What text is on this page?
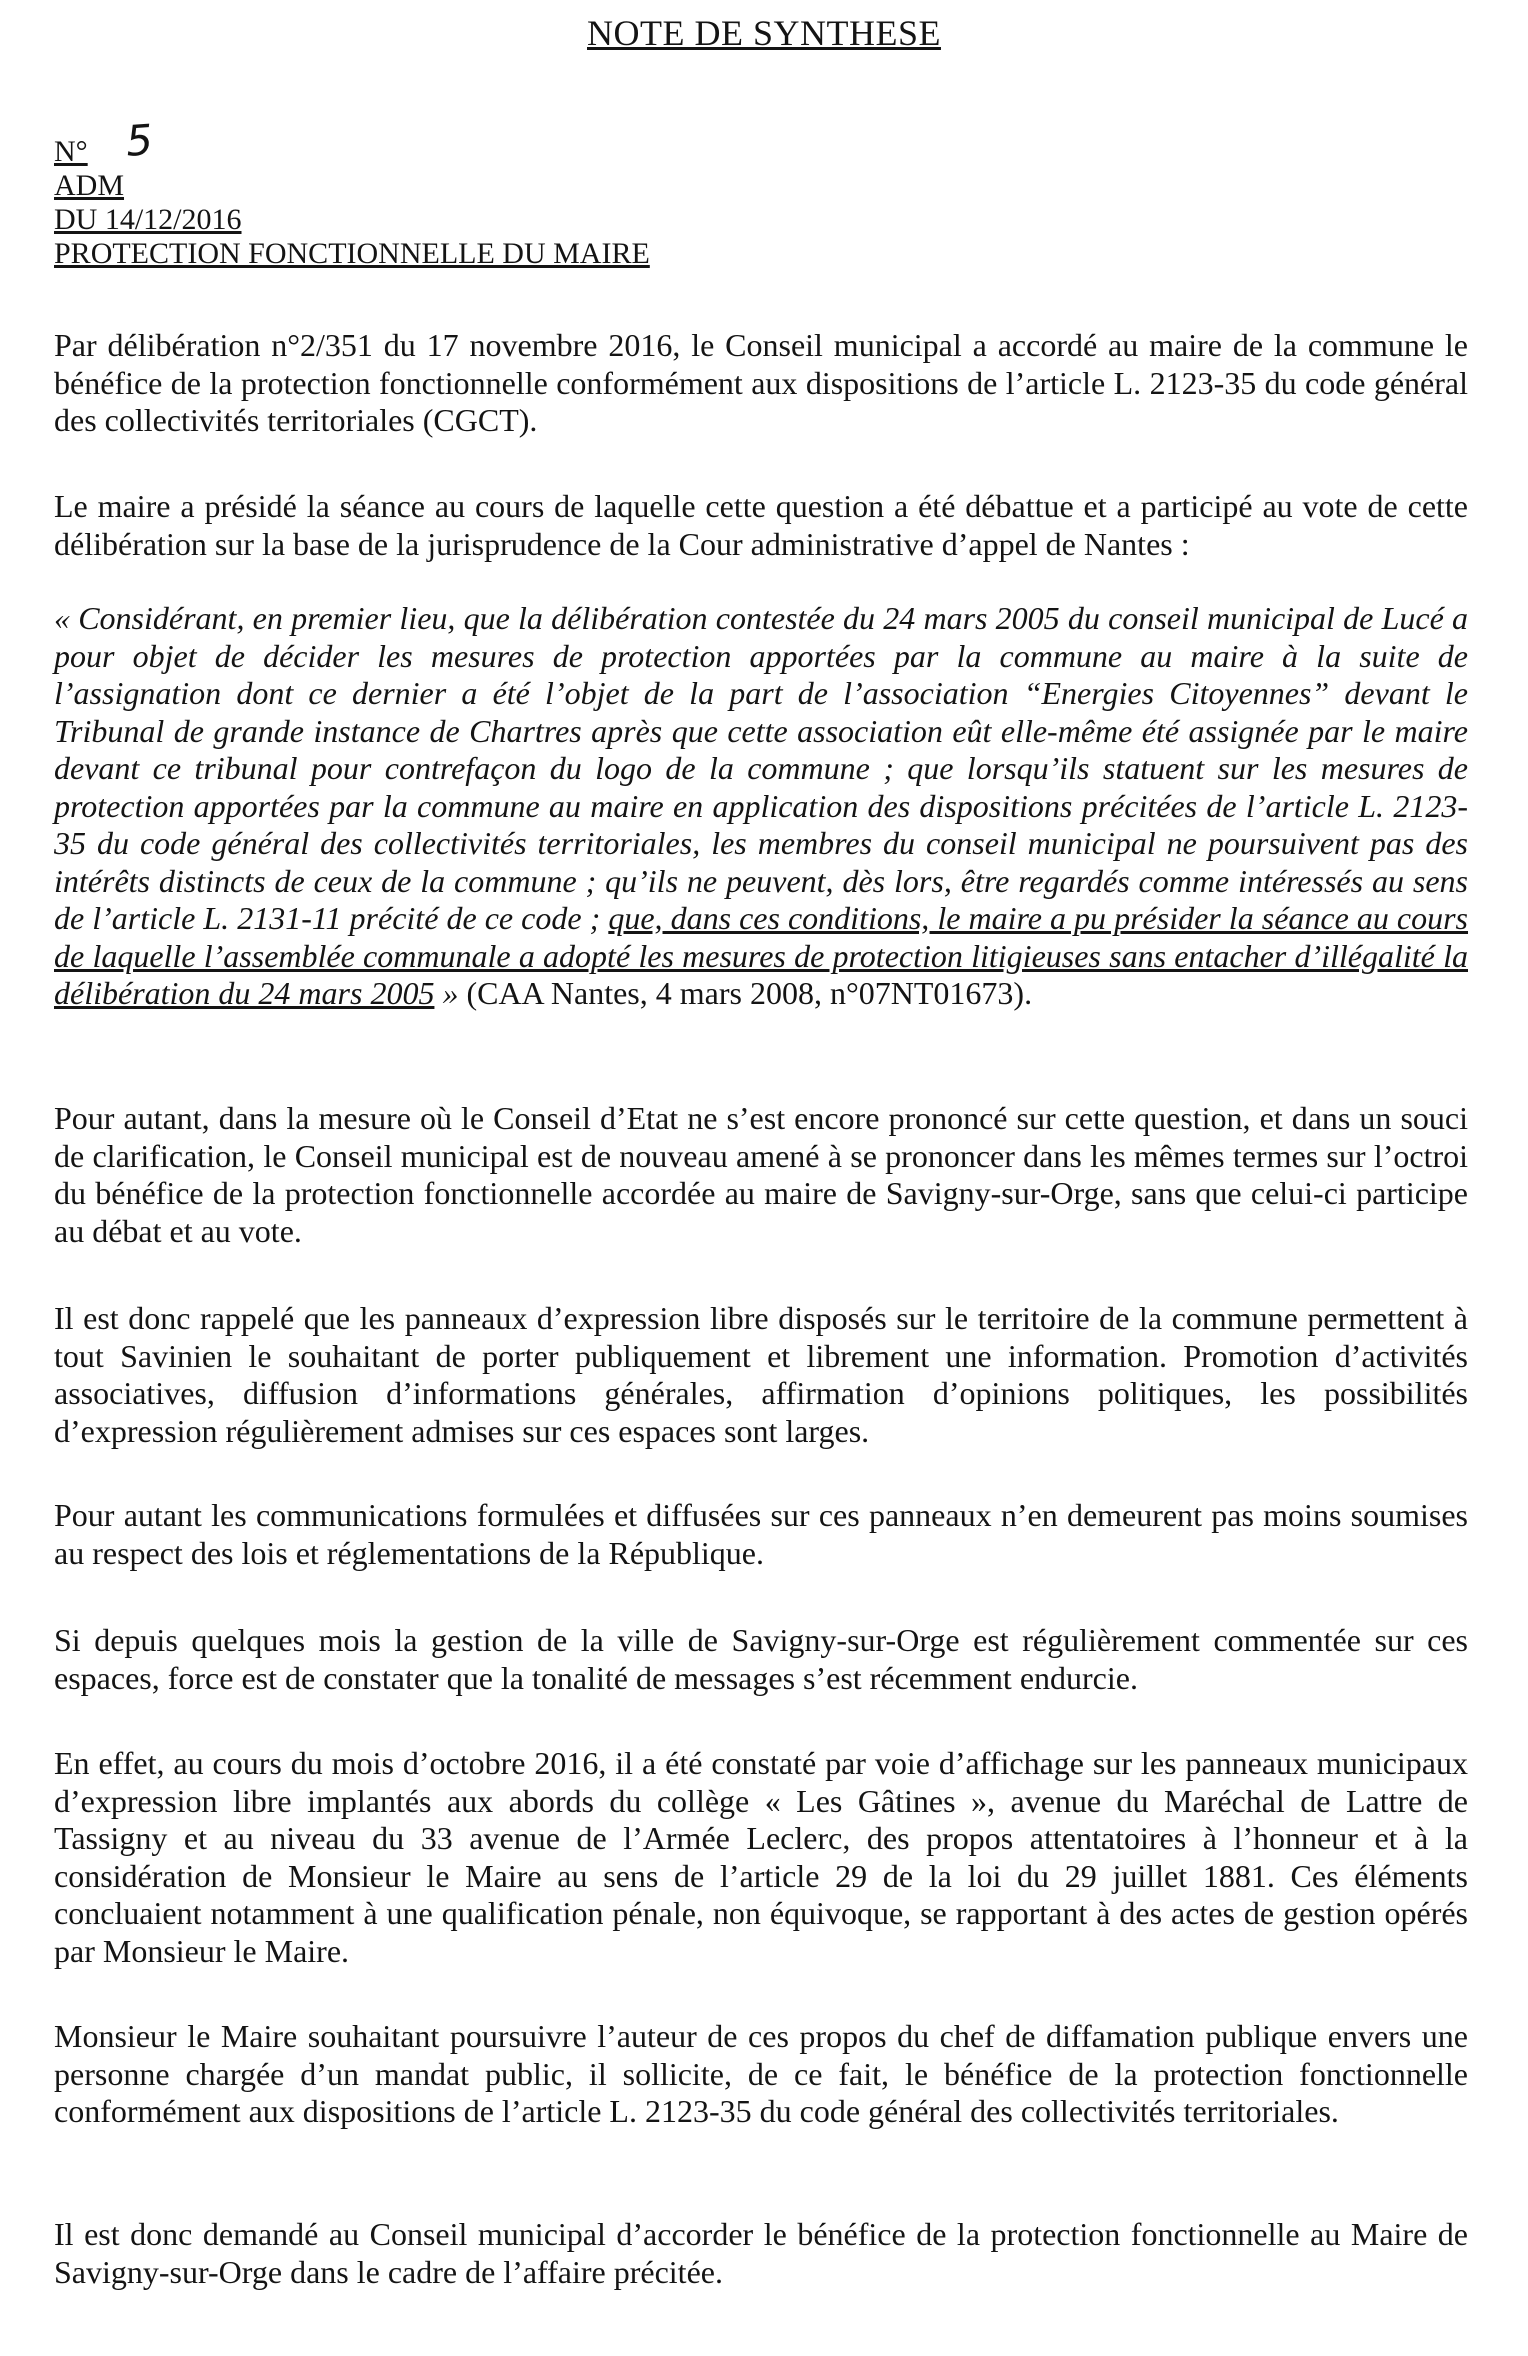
NOTE DE SYNTHESE
N° 5
ADM
DU 14/12/2016
PROTECTION FONCTIONNELLE DU MAIRE

Par délibération n°2/351 du 17 novembre 2016, le Conseil municipal a accordé au maire de la commune le bénéfice de la protection fonctionnelle conformément aux dispositions de l’article L. 2123-35 du code général des collectivités territoriales (CGCT).

Le maire a présidé la séance au cours de laquelle cette question a été débattue et a participé au vote de cette délibération sur la base de la jurisprudence de la Cour administrative d’appel de Nantes :

« Considérant, en premier lieu, que la délibération contestée du 24 mars 2005 du conseil municipal de Lucé a pour objet de décider les mesures de protection apportées par la commune au maire à la suite de l’assignation dont ce dernier a été l’objet de la part de l’association “Energies Citoyennes” devant le Tribunal de grande instance de Chartres après que cette association eût elle-même été assignée par le maire devant ce tribunal pour contrefaçon du logo de la commune ; que lorsqu’ils statuent sur les mesures de protection apportées par la commune au maire en application des dispositions précitées de l’article L. 2123-35 du code général des collectivités territoriales, les membres du conseil municipal ne poursuivent pas des intérêts distincts de ceux de la commune ; qu’ils ne peuvent, dès lors, être regardés comme intéressés au sens de l’article L. 2131-11 précité de ce code ; que, dans ces conditions, le maire a pu présider la séance au cours de laquelle l’assemblée communale a adopté les mesures de protection litigieuses sans entacher d’illégalité la délibération du 24 mars 2005 » (CAA Nantes, 4 mars 2008, n°07NT01673).

Pour autant, dans la mesure où le Conseil d’Etat ne s’est encore prononcé sur cette question, et dans un souci de clarification, le Conseil municipal est de nouveau amené à se prononcer dans les mêmes termes sur l’octroi du bénéfice de la protection fonctionnelle accordée au maire de Savigny-sur-Orge, sans que celui-ci participe au débat et au vote.

Il est donc rappelé que les panneaux d’expression libre disposés sur le territoire de la commune permettent à tout Savinien le souhaitant de porter publiquement et librement une information. Promotion d’activités associatives, diffusion d’informations générales, affirmation d’opinions politiques, les possibilités d’expression régulièrement admises sur ces espaces sont larges.

Pour autant les communications formulées et diffusées sur ces panneaux n’en demeurent pas moins soumises au respect des lois et réglementations de la République.

Si depuis quelques mois la gestion de la ville de Savigny-sur-Orge est régulièrement commentée sur ces espaces, force est de constater que la tonalité de messages s’est récemment endurcie.

En effet, au cours du mois d’octobre 2016, il a été constaté par voie d’affichage sur les panneaux municipaux d’expression libre implantés aux abords du collège « Les Gâtines », avenue du Maréchal de Lattre de Tassigny et au niveau du 33 avenue de l’Armée Leclerc, des propos attentatoires à l’honneur et à la considération de Monsieur le Maire au sens de l’article 29 de la loi du 29 juillet 1881. Ces éléments concluaient notamment à une qualification pénale, non équivoque, se rapportant à des actes de gestion opérés par Monsieur le Maire.

Monsieur le Maire souhaitant poursuivre l’auteur de ces propos du chef de diffamation publique envers une personne chargée d’un mandat public, il sollicite, de ce fait, le bénéfice de la protection fonctionnelle conformément aux dispositions de l’article L. 2123-35 du code général des collectivités territoriales.

Il est donc demandé au Conseil municipal d’accorder le bénéfice de la protection fonctionnelle au Maire de Savigny-sur-Orge dans le cadre de l’affaire précitée.
